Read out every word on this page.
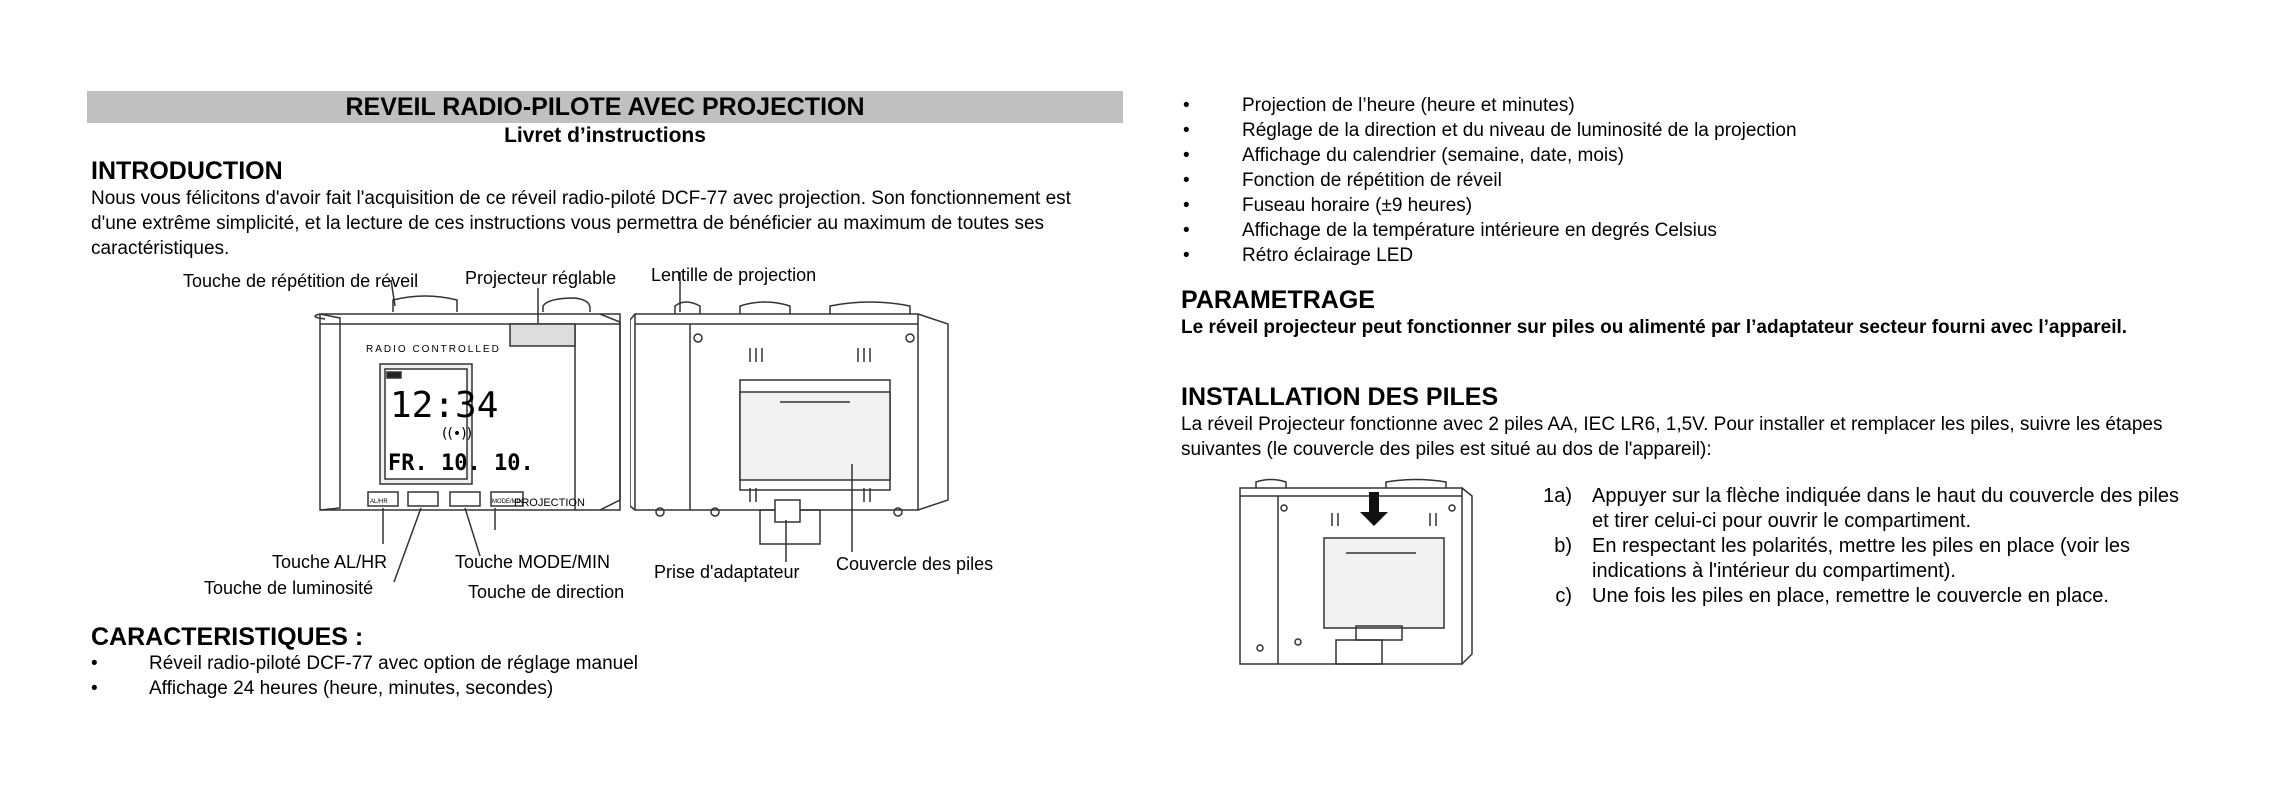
REVEIL RADIO-PILOTE AVEC PROJECTION
Livret d’instructions
INTRODUCTION
Nous vous félicitons d'avoir fait l'acquisition de ce réveil radio-piloté DCF-77 avec projection. Son fonctionnement est d'une extrême simplicité, et la lecture de ces instructions vous permettra de bénéficier au maximum de toutes ses caractéristiques.
RADIO CONTROLLED
12:34
((•))
FR. 10. 10.
PROJECTION
AL/HR	MODE/MIN
Touche de répétition de réveil	Projecteur réglable
Touche AL/HR
Touche de luminosité
Touche MODE/MIN
Touche de direction
Lentille de projection
Prise d'adaptateur Couvercle des piles
CARACTERISTIQUES :
•	Réveil radio-piloté DCF-77 avec option de réglage manuel
•	Affichage 24 heures (heure, minutes, secondes)
•	Projection de l’heure (heure et minutes)
•	Réglage de la direction et du niveau de luminosité de la projection
•	Affichage du calendrier (semaine, date, mois)
•	Fonction de répétition de réveil
•	Fuseau horaire (±9 heures)
•	Affichage de la température intérieure en degrés Celsius
•	Rétro éclairage LED
PARAMETRAGE
Le réveil projecteur peut fonctionner sur piles ou alimenté par l’adaptateur secteur fourni avec l’appareil.
INSTALLATION DES PILES
La réveil Projecteur fonctionne avec 2 piles AA, IEC LR6, 1,5V. Pour installer et remplacer les piles, suivre les étapes suivantes (le couvercle des piles est situé au dos de l'appareil):
1a) Appuyer sur la flèche indiquée dans le haut du couvercle des piles et tirer celui-ci pour ouvrir le compartiment.
b) En respectant les polarités, mettre les piles en place (voir les indications à l'intérieur du compartiment).
c) Une fois les piles en place, remettre le couvercle en place.
